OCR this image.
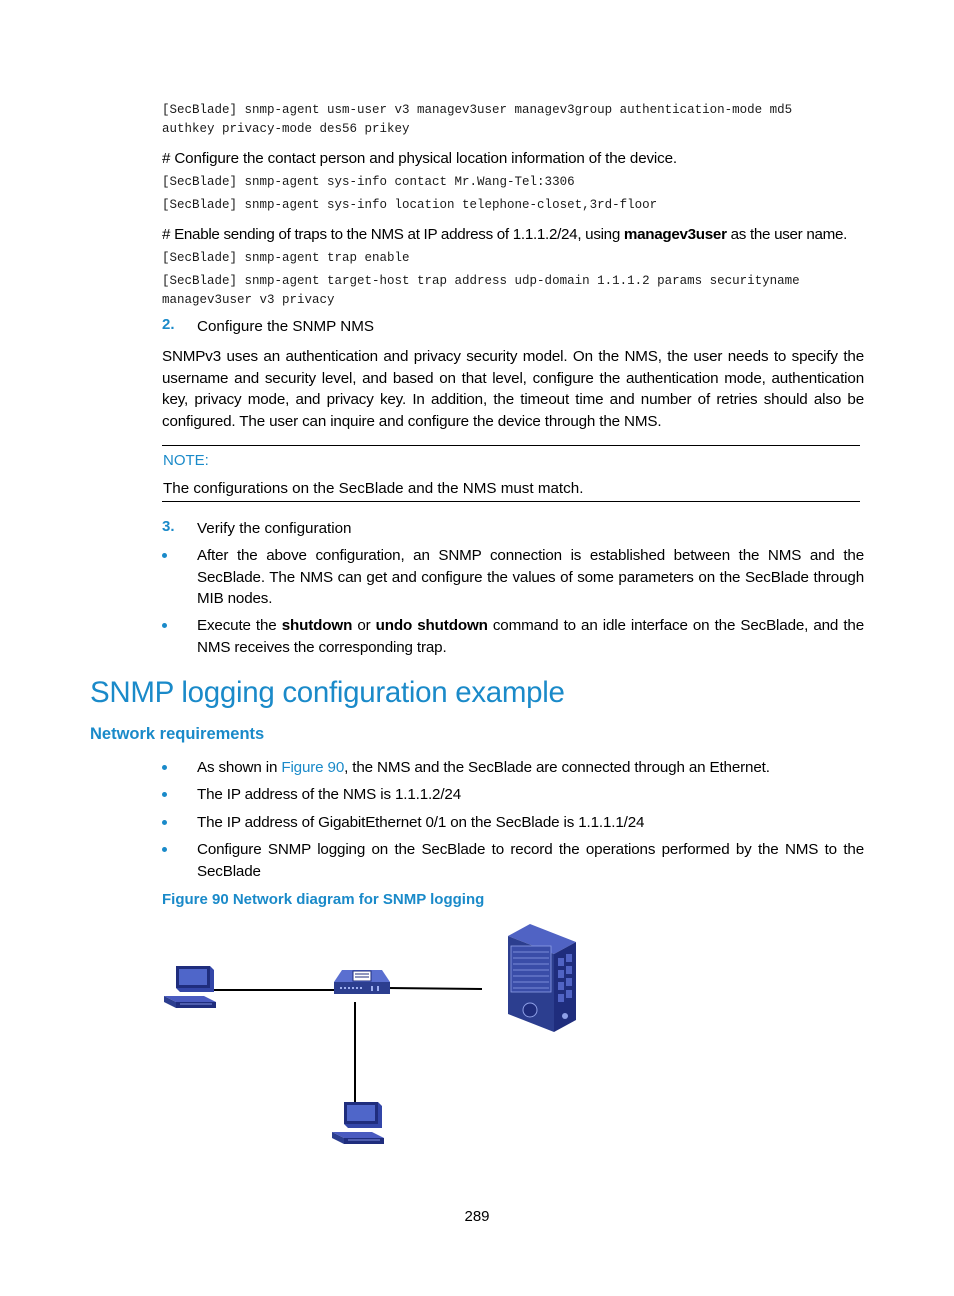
[SecBlade] snmp-agent usm-user v3 managev3user managev3group authentication-mode md5
authkey privacy-mode des56 prikey

# Configure the contact person and physical location information of the device.

[SecBlade] snmp-agent sys-info contact Mr.Wang-Tel:3306
[SecBlade] snmp-agent sys-info location telephone-closet,3rd-floor

# Enable sending of traps to the NMS at IP address of 1.1.1.2/24, using managev3user as the user name.

[SecBlade] snmp-agent trap enable
[SecBlade] snmp-agent target-host trap address udp-domain 1.1.1.2 params securityname
managev3user v3 privacy
2. Configure the SNMP NMS

SNMPv3 uses an authentication and privacy security model. On the NMS, the user needs to specify the username and security level, and based on that level, configure the authentication mode, authentication key, privacy mode, and privacy key. In addition, the timeout time and number of retries should also be configured. The user can inquire and configure the device through the NMS.

NOTE:
The configurations on the SecBlade and the NMS must match.
3. Verify the configuration

After the above configuration, an SNMP connection is established between the NMS and the SecBlade. The NMS can get and configure the values of some parameters on the SecBlade through MIB nodes.

Execute the shutdown or undo shutdown command to an idle interface on the SecBlade, and the NMS receives the corresponding trap.

SNMP logging configuration example
Network requirements

As shown in Figure 90, the NMS and the SecBlade are connected through an Ethernet.

The IP address of the NMS is 1.1.1.2/24

The IP address of GigabitEthernet 0/1 on the SecBlade is 1.1.1.1/24

Configure SNMP logging on the SecBlade to record the operations performed by the NMS to the SecBlade

Figure 90 Network diagram for SNMP logging
289
